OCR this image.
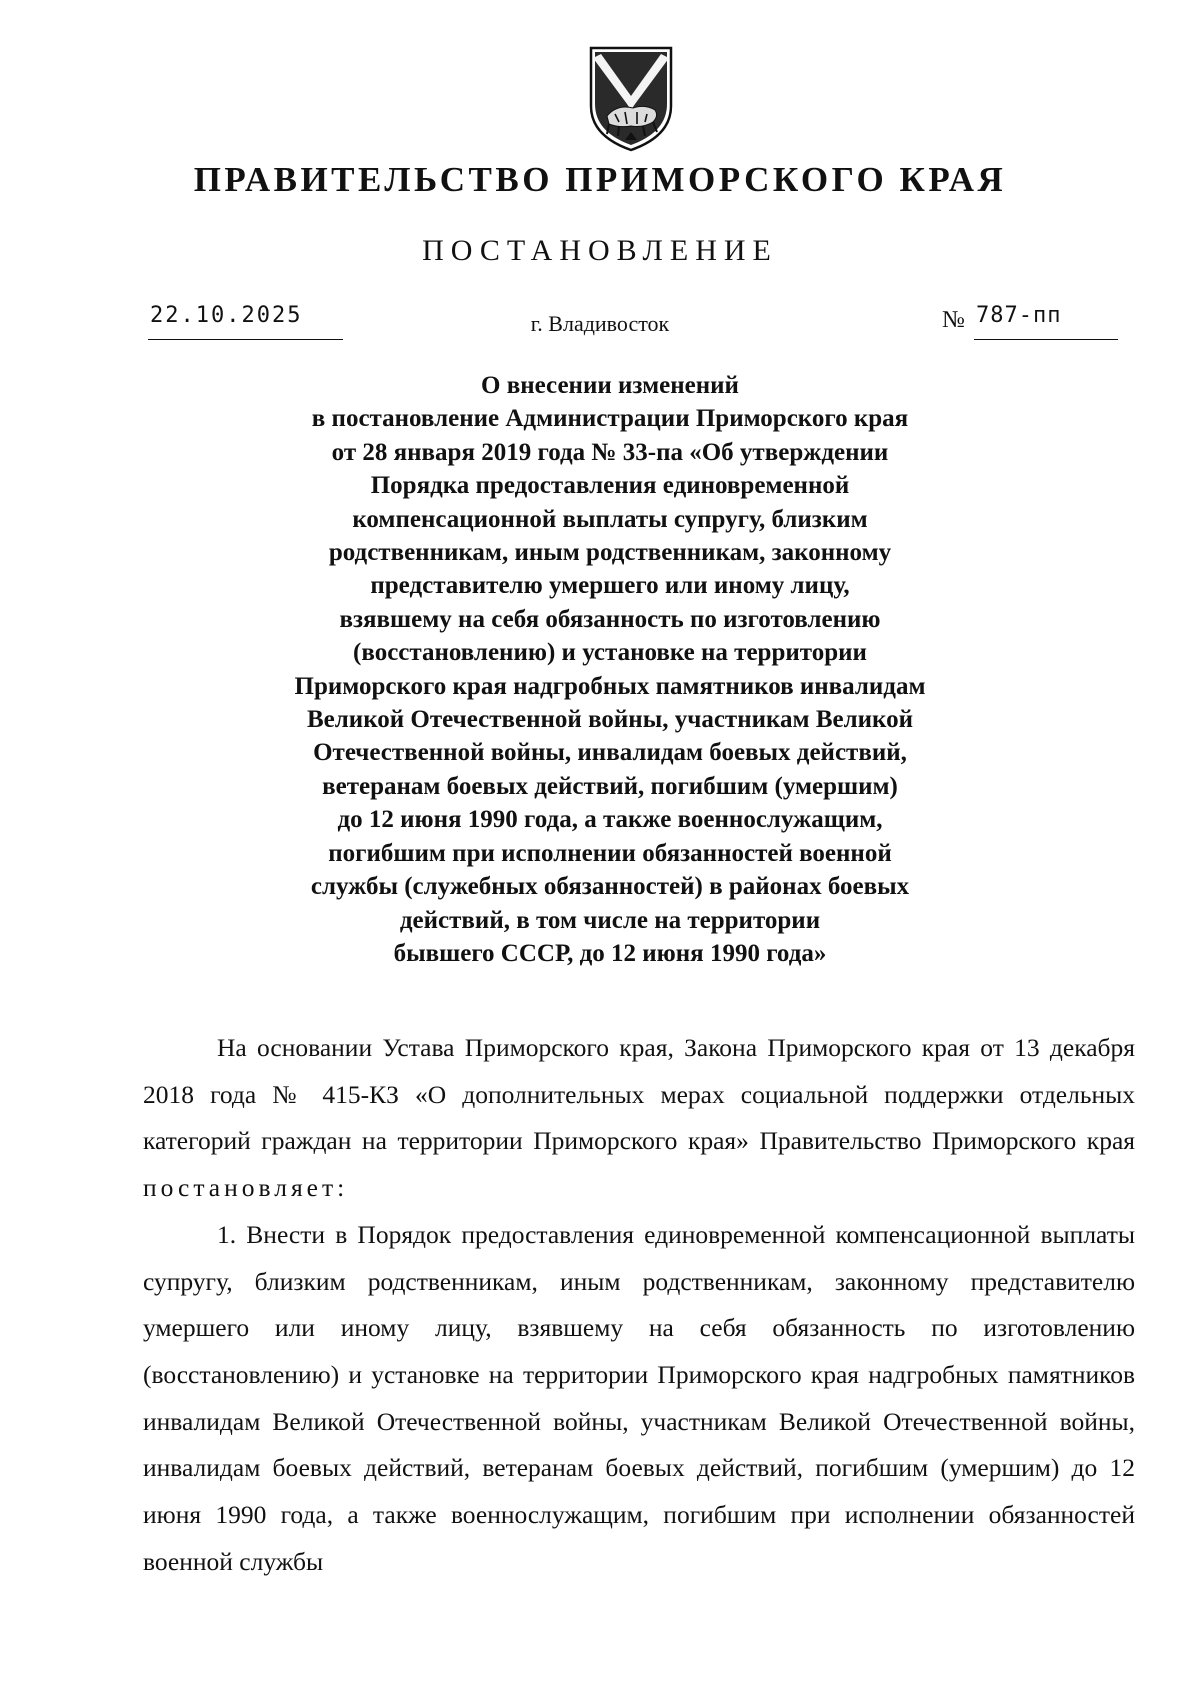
ПРАВИТЕЛЬСТВО ПРИМОРСКОГО КРАЯ
ПОСТАНОВЛЕНИЕ
22.10.2025	г. Владивосток	№ 787-пп
О внесении изменений
в постановление Администрации Приморского края
от 28 января 2019 года № 33-па «Об утверждении
Порядка предоставления единовременной
компенсационной выплаты супругу, близким
родственникам, иным родственникам, законному
представителю умершего или иному лицу,
взявшему на себя обязанность по изготовлению
(восстановлению) и установке на территории
Приморского края надгробных памятников инвалидам
Великой Отечественной войны, участникам Великой
Отечественной войны, инвалидам боевых действий,
ветеранам боевых действий, погибшим (умершим)
до 12 июня 1990 года, а также военнослужащим,
погибшим при исполнении обязанностей военной
службы (служебных обязанностей) в районах боевых
действий, в том числе на территории
бывшего СССР, до 12 июня 1990 года»

На основании Устава Приморского края, Закона Приморского края от 13 декабря 2018 года № 415-КЗ «О дополнительных мерах социальной поддержки отдельных категорий граждан на территории Приморского края» Правительство Приморского края постановляет:

1. Внести в Порядок предоставления единовременной компенсационной выплаты супругу, близким родственникам, иным родственникам, законному представителю умершего или иному лицу, взявшему на себя обязанность по изготовлению (восстановлению) и установке на территории Приморского края надгробных памятников инвалидам Великой Отечественной войны, участникам Великой Отечественной войны, инвалидам боевых действий, ветеранам боевых действий, погибшим (умершим) до 12 июня 1990 года, а также военнослужащим, погибшим при исполнении обязанностей военной службы
